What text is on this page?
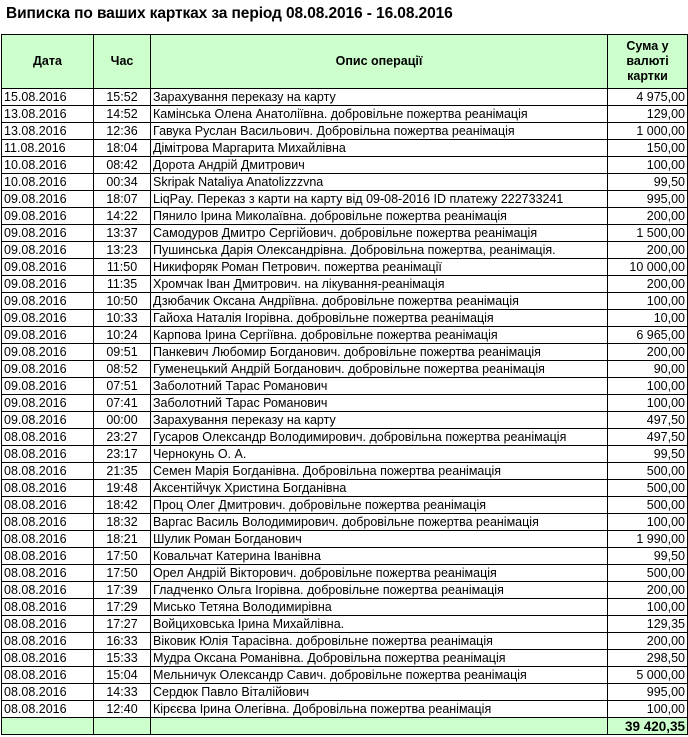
Виписка по ваших картках за період 08.08.2016 - 16.08.2016
Дата	Час	Опис операції	Сума у валюті картки
15.08.2016	15:52	Зарахування переказу на карту	4 975,00
13.08.2016	14:52	Камінська Олена Анатоліївна. добровільне пожертва реанімація	129,00
13.08.2016	12:36	Гавука Руслан Васильович. Добровільна пожертва реанімація	1 000,00
11.08.2016	18:04	Дімітрова Маргарита Михайлівна	150,00
10.08.2016	08:42	Дорота Андрій Дмитрович	100,00
10.08.2016	00:34	Skripak Nataliya Anatolizzzvna	99,50
09.08.2016	18:07	LiqPay. Переказ з карти на карту від 09-08-2016 ID платежу 222733241	995,00
09.08.2016	14:22	Пянило Ірина Миколаївна. добровільне пожертва реанімація	200,00
09.08.2016	13:37	Самодуров Дмитро Сергійович. добровільне пожертва реанімація	1 500,00
09.08.2016	13:23	Пушинська Дарія Олександрівна. Добровільна пожертва, реанімація.	200,00
09.08.2016	11:50	Никифоряк Роман Петрович. пожертва реанімації	10 000,00
09.08.2016	11:35	Хромчак Іван Дмитрович. на лікування-реанімація	200,00
09.08.2016	10:50	Дзюбачик Оксана Андріївна. добровільне пожертва реанімація	100,00
09.08.2016	10:33	Гайоха Наталія Ігорівна. добровільне пожертва реанімація	10,00
09.08.2016	10:24	Карпова Ірина Сергіївна. добровільне пожертва реанімація	6 965,00
09.08.2016	09:51	Панкевич Любомир Богданович. добровільне пожертва реанімація	200,00
09.08.2016	08:52	Гуменецький Андрій Богданович. добровільне пожертва реанімація	90,00
09.08.2016	07:51	Заболотний Тарас Романович	100,00
09.08.2016	07:41	Заболотний Тарас Романович	100,00
09.08.2016	00:00	Зарахування переказу на карту	497,50
08.08.2016	23:27	Гусаров Олександр Володимирович. добровільна пожертва реанімація	497,50
08.08.2016	23:17	Чернокунь О. А.	99,50
08.08.2016	21:35	Семен Марія Богданівна. Добровільна пожертва реанімація	500,00
08.08.2016	19:48	Аксентійчук Христина Богданівна	500,00
08.08.2016	18:42	Проц Олег Дмитрович. добровільне пожертва реанімація	500,00
08.08.2016	18:32	Варгас Василь Володимирович. добровільне пожертва реанімація	100,00
08.08.2016	18:21	Шулик Роман Богданович	1 990,00
08.08.2016	17:50	Ковальчат Катерина Іванівна	99,50
08.08.2016	17:50	Орел Андрій Вікторович. добровільне пожертва реанімація	500,00
08.08.2016	17:39	Гладченко Ольга Ігорівна. добровільне пожертва реанімація	200,00
08.08.2016	17:29	Мисько Тетяна Володимирівна	100,00
08.08.2016	17:27	Войциховська Ірина Михайлівна.	129,35
08.08.2016	16:33	Віковик Юлія Тарасівна. добровільне пожертва реанімація	200,00
08.08.2016	15:33	Мудра Оксана Романівна. Добровільна пожертва реанімація	298,50
08.08.2016	15:04	Мельничук Олександр Савич. добровільне пожертва реанімація	5 000,00
08.08.2016	14:33	Сердюк Павло Віталійович	995,00
08.08.2016	12:40	Кірєєва Ірина Олегівна. Добровільна пожертва реанімація	100,00
			39 420,35
